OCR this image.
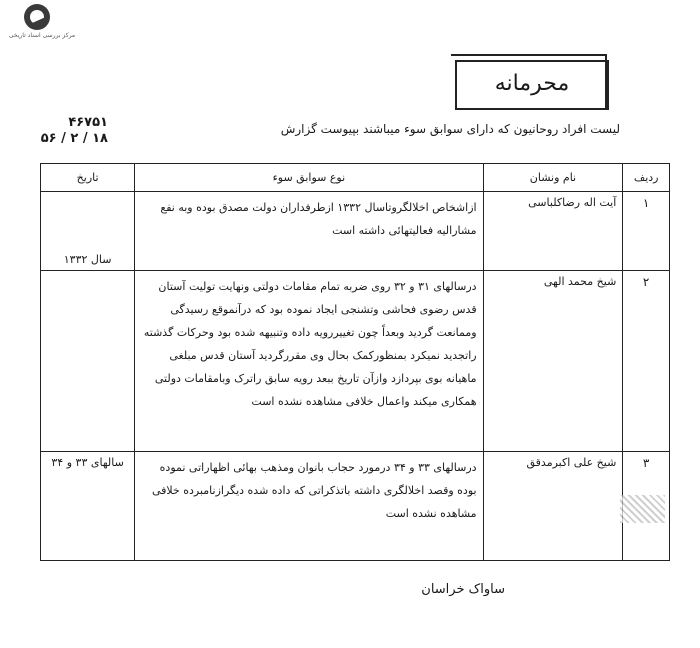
مرکز بررسی اسناد تاریخی
محرمانه
۴۶۷۵۱
۱۸ / ۲ / ۵۶
لیست افراد روحانیون که دارای سوابق سوء میباشند بپیوست گزارش
ردیف	نام ونشان	نوع سوابق سوء	تاریخ
۱	آیت اله رضاکلباسی	ازاشخاص اخلالگروتاسال ۱۳۳۲ ازطرفداران دولت مصدق بوده وبه نفع مشارالیه فعالیتهائی داشته است	سال ۱۳۳۲
۲	شیخ محمد الهی	درسالهای ۳۱ و ۳۲ روی ضربه تمام مقامات دولتی ونهایت تولیت آستان قدس رضوی فحاشی وتشنجی ایجاد نموده بود که درآنموقع رسیدگی وممانعت گردید وبعداً چون تغییررویه داده وتنبیهه شده بود وحرکات گذشته راتجدید نمیکرد بمنظورکمک بحال وی مقررگردید آستان قدس مبلغی ماهیانه بوی بپردازد وازآن تاریخ ببعد رویه سابق راترک وبامقامات دولتی همکاری میکند واعمال خلافی مشاهده نشده است	
۳	شیخ علی اکبرمدقق	درسالهای ۳۳ و ۳۴ درمورد حجاب بانوان ومذهب بهائی اظهاراتی نموده بوده وقصد اخلالگری داشته باتذکراتی که داده شده دیگرازنامبرده خلافی مشاهده نشده است	سالهای ۳۳ و ۳۴
ساواک خراسان
